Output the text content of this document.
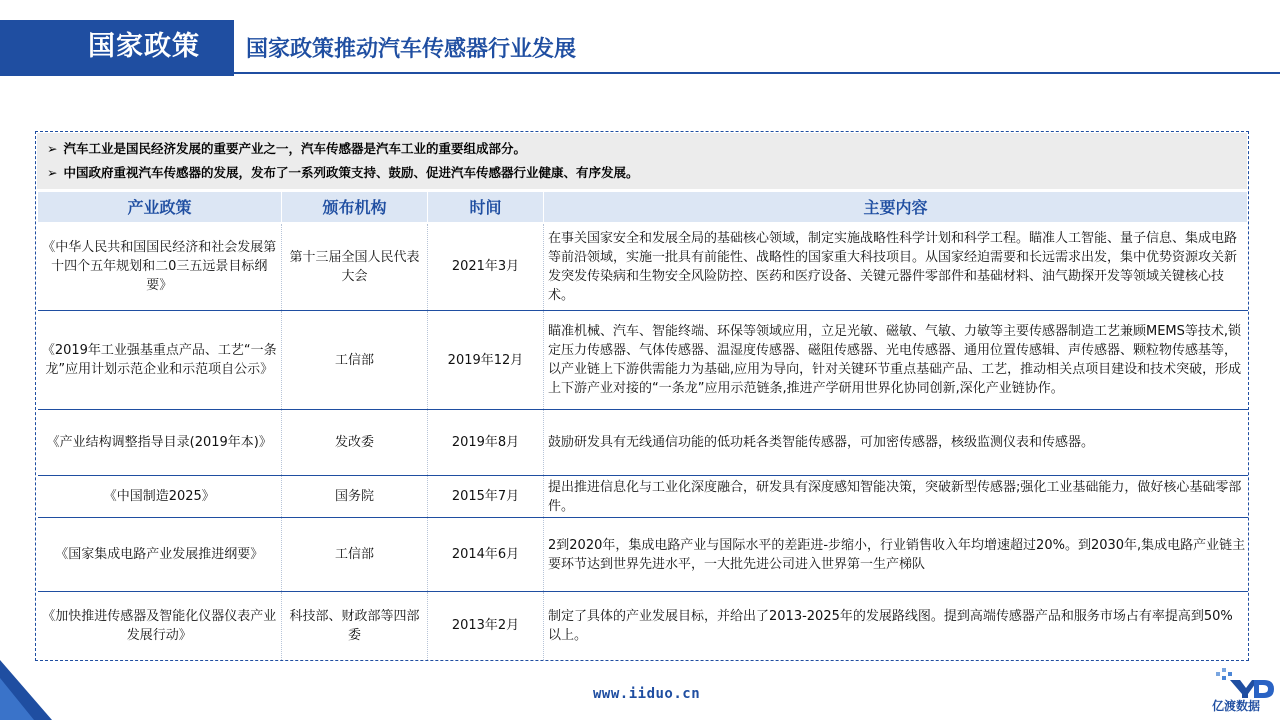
国家政策 国家政策推动汽车传感器行业发展
➢ 汽车工业是国民经济发展的重要产业之一，汽车传感器是汽车工业的重要组成部分。
➢ 中国政府重视汽车传感器的发展，发布了一系列政策支持、鼓励、促进汽车传感器行业健康、有序发展。
产业政策	颁布机构	时间	主要内容
《中华人民共和国国民经济和社会发展第十四个五年规划和二0三五远景目标纲要》	第十三届全国人民代表大会	2021年3月	在事关国家安全和发展全局的基础核心领域，制定实施战略性科学计划和科学工程。瞄准人工智能、量子信息、集成电路等前沿领域，实施一批具有前能性、战略性的国家重大科技项目。从国家经迫需要和长远需求出发，集中优势资源攻关新发突发传染病和生物安全风险防控、医药和医疗设备、关键元器件零部件和基础材料、油气勘探开发等领域关键核心技术。
《2019年工业强基重点产品、工艺“一条龙”应用计划示范企业和示范项自公示》	工信部	2019年12月	瞄准机械、汽车、智能终端、环保等领域应用，立足光敏、磁敏、气敏、力敏等主要传感器制造工艺兼顾MEMS等技术,锁定压力传感器、气体传感器、温湿度传感器、磁阻传感器、光电传感器、通用位置传感辑、声传感器、颗粒物传感基等，以产业链上下游供需能力为基础,应用为导向，针对关键环节重点基础产品、工艺，推动相关点项目建设和技术突破，形成上下游产业对接的“一条龙”应用示范链条,推进产学研用世界化协同创新,深化产业链协作。
《产业结构调整指导目录(2019年本)》	发改委	2019年8月	鼓励研发具有无线通信功能的低功耗各类智能传感器，可加密传感器，核级监测仪表和传感器。
《中国制造2025》	国务院	2015年7月	提出推进信息化与工业化深度融合，研发具有深度感知智能决策，突破新型传感器;强化工业基础能力，做好核心基础零部件。
《国家集成电路产业发展推进纲要》	工信部	2014年6月	2到2020年，集成电路产业与国际水平的差距进-步缩小，行业销售收入年均增速超过20%。到2030年,集成电路产业链主要环节达到世界先进水平，一大批先进公司进入世界第一生产梯队
《加快推进传感器及智能化仪器仪表产业发展行动》	科技部、财政部等四部委	2013年2月	制定了具体的产业发展目标，并给出了2013-2025年的发展路线图。提到高端传感器产品和服务市场占有率提高到50%以上。
www.iiduo.cn
亿渡数据
